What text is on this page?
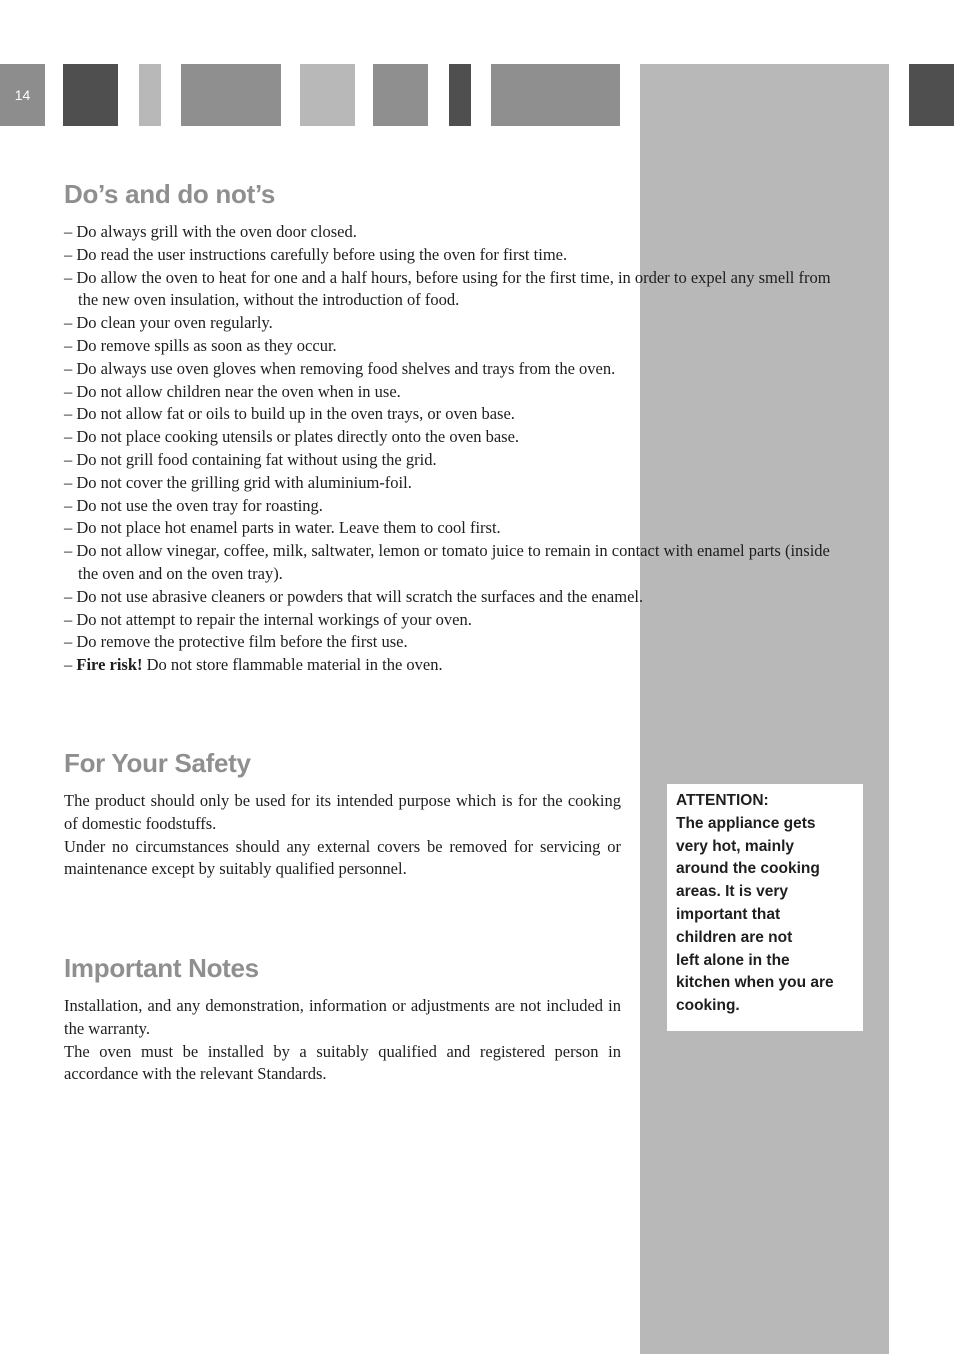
14
Do’s and do not’s
– Do always grill with the oven door closed.
– Do read the user instructions carefully before using the oven for first time.
– Do allow the oven to heat for one and a half hours, before using for the first time, in order to expel any smell from the new oven insulation, without the introduction of food.
– Do clean your oven regularly.
– Do remove spills as soon as they occur.
– Do always use oven gloves when removing food shelves and trays from the oven.
– Do not allow children near the oven when in use.
– Do not allow fat or oils to build up in the oven trays, or oven base.
– Do not place cooking utensils or plates directly onto the oven base.
– Do not grill food containing fat without using the grid.
– Do not cover the grilling grid with aluminium-foil.
– Do not use the oven tray for roasting.
– Do not place hot enamel parts in water. Leave them to cool first.
– Do not allow vinegar, coffee, milk, saltwater, lemon or tomato juice to remain in contact with enamel parts (inside the oven and on the oven tray).
– Do not use abrasive cleaners or powders that will scratch the surfaces and the enamel.
– Do not attempt to repair the internal workings of your oven.
– Do remove the protective film before the first use.
– Fire risk! Do not store flammable material in the oven.
For Your Safety

The product should only be used for its intended purpose which is for the cooking of domestic foodstuffs.

Under no circumstances should any external covers be removed for servicing or maintenance except by suitably qualified personnel.

Important Notes

Installation, and any demonstration, information or adjustments are not included in the warranty.

The oven must be installed by a suitably qualified and registered person in accordance with the relevant Standards.

ATTENTION:
The appliance gets
very hot, mainly
around the cooking
areas. It is very
important that
children are not
left alone in the
kitchen when you are
cooking.
